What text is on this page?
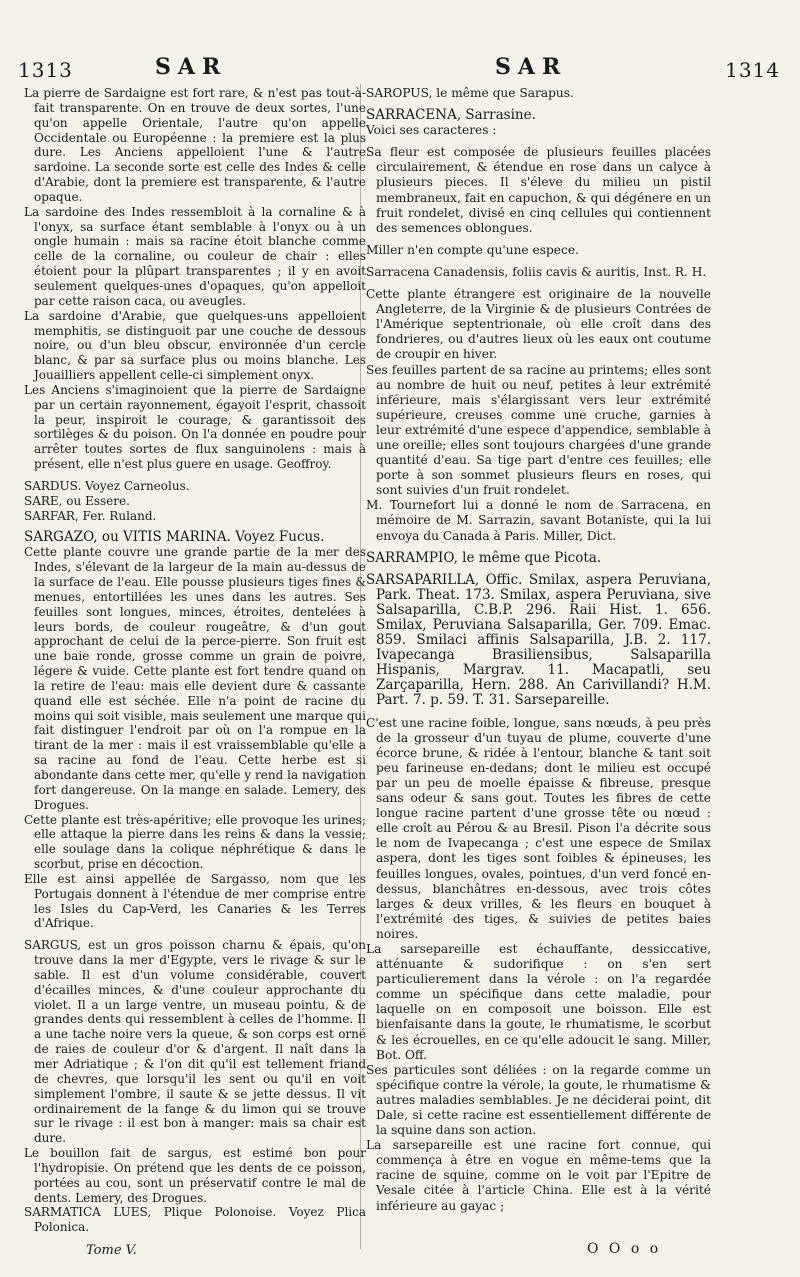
1313	SAR	SAR	1314

La pierre de Sardaigne est fort rare, & n'est pas tout-à-fait transparente. On en trouve de deux sortes, l'une qu'on appelle Orientale, l'autre qu'on appelle Occidentale ou Européenne : la premiere est la plus dure. Les Anciens appelloient l'une & l'autre sardoine. La seconde sorte est celle des Indes & celle d'Arabie, dont la premiere est transparente, & l'autre opaque.

La sardoine des Indes ressembloit à la cornaline & à l'onyx, sa surface étant semblable à l'onyx ou à un ongle humain : mais sa racine étoit blanche comme celle de la cornaline, ou couleur de chair : elles étoient pour la plûpart transparentes ; il y en avoit seulement quelques-unes d'opaques, qu'on appelloit par cette raison caca, ou aveugles.

La sardoine d'Arabie, que quelques-uns appelloient memphitis, se distinguoit par une couche de dessous noire, ou d'un bleu obscur, environnée d'un cercle blanc, & par sa surface plus ou moins blanche. Les Jouailliers appellent celle-ci simplement onyx.

Les Anciens s'imaginoient que la pierre de Sardaigne par un certain rayonnement, égayoit l'esprit, chassoit la peur, inspiroit le courage, & garantissoit des sortilèges & du poison. On l'a donnée en poudre pour arrêter toutes sortes de flux sanguinolens : mais à présent, elle n'est plus guere en usage. Geoffroy.

SARDUS. Voyez Carneolus.

SARE, ou Essere.

SARFAR, Fer. Ruland.

SARGAZO, ou VITIS MARINA. Voyez Fucus.

Cette plante couvre une grande partie de la mer des Indes, s'élevant de la largeur de la main au-dessus de la surface de l'eau. Elle pousse plusieurs tiges fines & menues, entortillées les unes dans les autres. Ses feuilles sont longues, minces, étroites, dentelées à leurs bords, de couleur rougeâtre, & d'un gout approchant de celui de la perce-pierre. Son fruit est une baie ronde, grosse comme un grain de poivre, légere & vuide. Cette plante est fort tendre quand on la retire de l'eau: mais elle devient dure & cassante quand elle est séchée. Elle n'a point de racine du moins qui soit visible, mais seulement une marque qui fait distinguer l'endroit par où on l'a rompue en la tirant de la mer : mais il est vraissemblable qu'elle a sa racine au fond de l'eau. Cette herbe est si abondante dans cette mer, qu'elle y rend la navigation fort dangereuse. On la mange en salade. Lemery, des Drogues.

Cette plante est très-apéritive; elle provoque les urines; elle attaque la pierre dans les reins & dans la vessie; elle soulage dans la colique néphrétique & dans le scorbut, prise en décoction.

Elle est ainsi appellée de Sargasso, nom que les Portugais donnent à l'étendue de mer comprise entre les Isles du Cap-Verd, les Canaries & les Terres d'Afrique.

SARGUS, est un gros poisson charnu & épais, qu'on trouve dans la mer d'Egypte, vers le rivage & sur le sable. Il est d'un volume considérable, couvert d'écailles minces, & d'une couleur approchante du violet. Il a un large ventre, un museau pointu, & de grandes dents qui ressemblent à celles de l'homme. Il a une tache noire vers la queue, & son corps est orné de raies de couleur d'or & d'argent. Il naît dans la mer Adriatique ; & l'on dit qu'il est tellement friand de chevres, que lorsqu'il les sent ou qu'il en voit simplement l'ombre, il saute & se jette dessus. Il vit ordinairement de la fange & du limon qui se trouve sur le rivage : il est bon à manger: mais sa chair est dure.

Le bouillon fait de sargus, est estimé bon pour l'hydropisie. On prétend que les dents de ce poisson, portées au cou, sont un préservatif contre le mal de dents. Lemery, des Drogues.

SARMATICA LUES, Plique Polonoise. Voyez Plica Polonica.

SAROPUS, le même que Sarapus.

SARRACENA, Sarrasine.

Voici ses caracteres :

Sa fleur est composée de plusieurs feuilles placées circulairement, & étendue en rose dans un calyce à plusieurs pieces. Il s'éleve du milieu un pistil membraneux, fait en capuchon, & qui dégénere en un fruit rondelet, divisé en cinq cellules qui contiennent des semences oblongues.

Miller n'en compte qu'une espece.

Sarracena Canadensis, foliis cavis & auritis, Inst. R. H.

Cette plante étrangere est originaire de la nouvelle Angleterre, de la Virginie & de plusieurs Contrées de l'Amérique septentrionale, où elle croît dans des fondrieres, ou d'autres lieux où les eaux ont coutume de croupir en hiver.

Ses feuilles partent de sa racine au printems; elles sont au nombre de huit ou neuf, petites à leur extrémité inférieure, mais s'élargissant vers leur extrémité supérieure, creuses comme une cruche, garnies à leur extrémité d'une espece d'appendice, semblable à une oreille; elles sont toujours chargées d'une grande quantité d'eau. Sa tige part d'entre ces feuilles; elle porte à son sommet plusieurs fleurs en roses, qui sont suivies d'un fruit rondelet.

M. Tournefort lui a donné le nom de Sarracena, en mémoire de M. Sarrazin, savant Botaniste, qui la lui envoya du Canada à Paris. Miller, Dict.

SARRAMPIO, le même que Picota.

SARSAPARILLA, Offic. Smilax, aspera Peruviana, Park. Theat. 173. Smilax, aspera Peruviana, sive Salsaparilla, C.B.P. 296. Raii Hist. 1. 656. Smilax, Peruviana Salsaparilla, Ger. 709. Emac. 859. Smilaci affinis Salsaparilla, J.B. 2. 117. Ivapecanga Brasiliensibus, Salsaparilla Hispanis, Margrav. 11. Macapatli, seu Zarçaparilla, Hern. 288. An Carivillandi? H.M. Part. 7. p. 59. T. 31. Sarsepareille.

C'est une racine foible, longue, sans nœuds, à peu près de la grosseur d'un tuyau de plume, couverte d'une écorce brune, & ridée à l'entour, blanche & tant soit peu farineuse en-dedans; dont le milieu est occupé par un peu de moelle épaisse & fibreuse, presque sans odeur & sans gout. Toutes les fibres de cette longue racine partent d'une grosse tête ou nœud : elle croît au Pérou & au Bresil. Pison l'a décrite sous le nom de Ivapecanga ; c'est une espece de Smilax aspera, dont les tiges sont foibles & épineuses, les feuilles longues, ovales, pointues, d'un verd foncé en-dessus, blanchâtres en-dessous, avec trois côtes larges & deux vrilles, & les fleurs en bouquet à l'extrémité des tiges, & suivies de petites baies noires.

La sarsepareille est échauffante, dessiccative, atténuante & sudorifique : on s'en sert particulierement dans la vérole : on l'a regardée comme un spécifique dans cette maladie, pour laquelle on en composoit une boisson. Elle est bienfaisante dans la goute, le rhumatisme, le scorbut & les écrouelles, en ce qu'elle adoucit le sang. Miller, Bot. Off.

Ses particules sont déliées : on la regarde comme un spécifique contre la vérole, la goute, le rhumatisme & autres maladies semblables. Je ne déciderai point, dit Dale, si cette racine est essentiellement différente de la squine dans son action.

La sarsepareille est une racine fort connue, qui commença à être en vogue en même-tems que la racine de squine, comme on le voit par l'Epitre de Vesale citée à l'article China. Elle est à la vérité inférieure au gayac ;

Tome V.	O O o o
